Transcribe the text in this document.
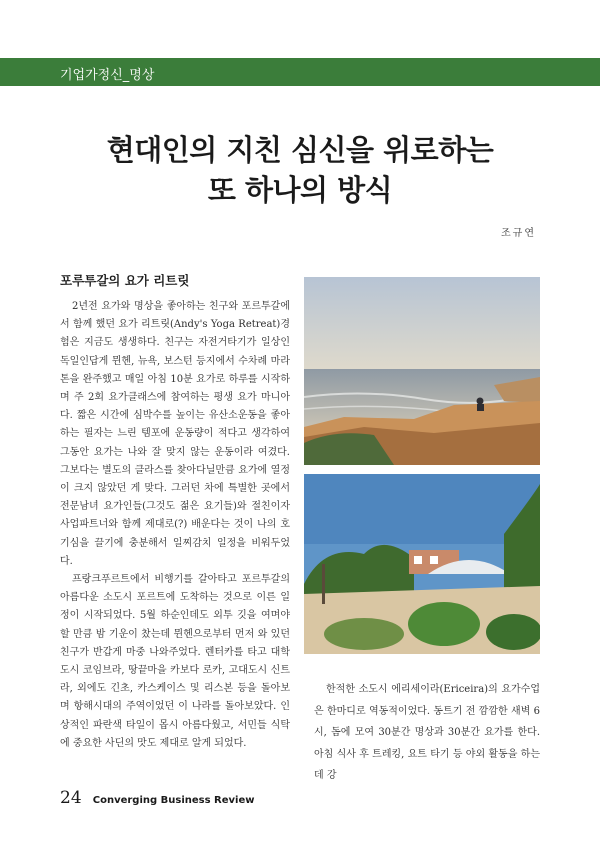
기업가정신_명상
현대인의 지친 심신을 위로하는
또 하나의 방식
조규연
포루투갈의 요가 리트릿

2년전 요가와 명상을 좋아하는 친구와 포르투갈에서 함께 했던 요가 리트릿(Andy's Yoga Retreat)경험은 지금도 생생하다. 친구는 자전거타기가 일상인 독일인답게 뮌헨, 뉴욕, 보스턴 등지에서 수차례 마라톤을 완주했고 매일 아침 10분 요가로 하루를 시작하며 주 2회 요가클래스에 참여하는 평생 요가 마니아다. 짧은 시간에 심박수를 높이는 유산소운동을 좋아하는 필자는 느린 템포에 운동량이 적다고 생각하여 그동안 요가는 나와 잘 맞지 않는 운동이라 여겼다. 그보다는 별도의 클라스를 찾아다닐만큼 요가에 열정이 크지 않았던 게 맞다. 그러던 차에 특별한 곳에서 전문남녀 요가인들(그것도 젊은 요기들)와 절친이자 사업파트너와 함께 제대로(?) 배운다는 것이 나의 호기심을 끌기에 충분해서 일찌감치 일정을 비워두었다.

프랑크푸르트에서 비행기를 갈아타고 포르투갈의 아름다운 소도시 포르트에 도착하는 것으로 이른 일정이 시작되었다. 5월 하순인데도 외투 깃을 여며야 할 만큼 밤 기운이 찼는데 뮌헨으로부터 먼저 와 있던 친구가 반갑게 마중 나와주었다. 렌터카를 타고 대학도시 코임브라, 땅끝마을 카보다 로카, 고대도시 신트라, 외에도 긴초, 카스케이스 및 리스본 등을 돌아보며 항해시대의 주역이었던 이 나라를 돌아보았다. 인상적인 파란색 타일이 몹시 아름다웠고, 서민들 식탁에 중요한 사딘의 맛도 제대로 알게 되었다.

한적한 소도시 에리세이라(Ericeira)의 요가수업은 한마디로 역동적이었다. 동트기 전 깜깜한 새벽 6시, 돔에 모여 30분간 명상과 30분간 요가를 한다. 아침 식사 후 트레킹, 요트 타기 등 야외 활동을 하는데 강

24 Converging Business Review
